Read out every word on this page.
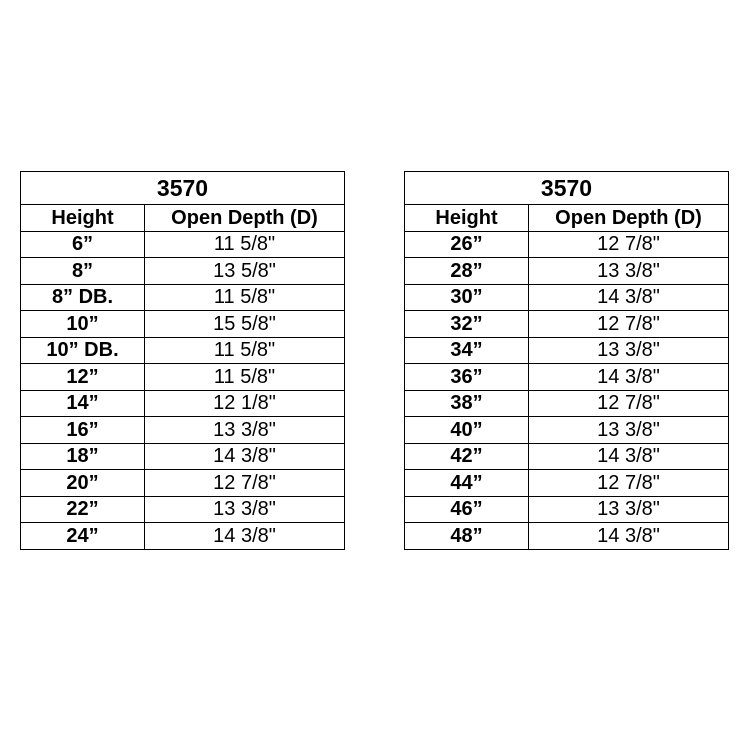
3570	
Height	Open Depth (D)
6”	11 5/8"
8”	13 5/8"
8” DB.	11 5/8"
10”	15 5/8"
10” DB.	11 5/8"
12”	11 5/8"
14”	12 1/8"
16”	13 3/8"
18”	14 3/8"
20”	12 7/8"
22”	13 3/8"
24”	14 3/8"
3570	
Height	Open Depth (D)
26”	12 7/8"
28”	13 3/8"
30”	14 3/8"
32”	12 7/8"
34”	13 3/8"
36”	14 3/8"
38”	12 7/8"
40”	13 3/8"
42”	14 3/8"
44”	12 7/8"
46”	13 3/8"
48”	14 3/8"
